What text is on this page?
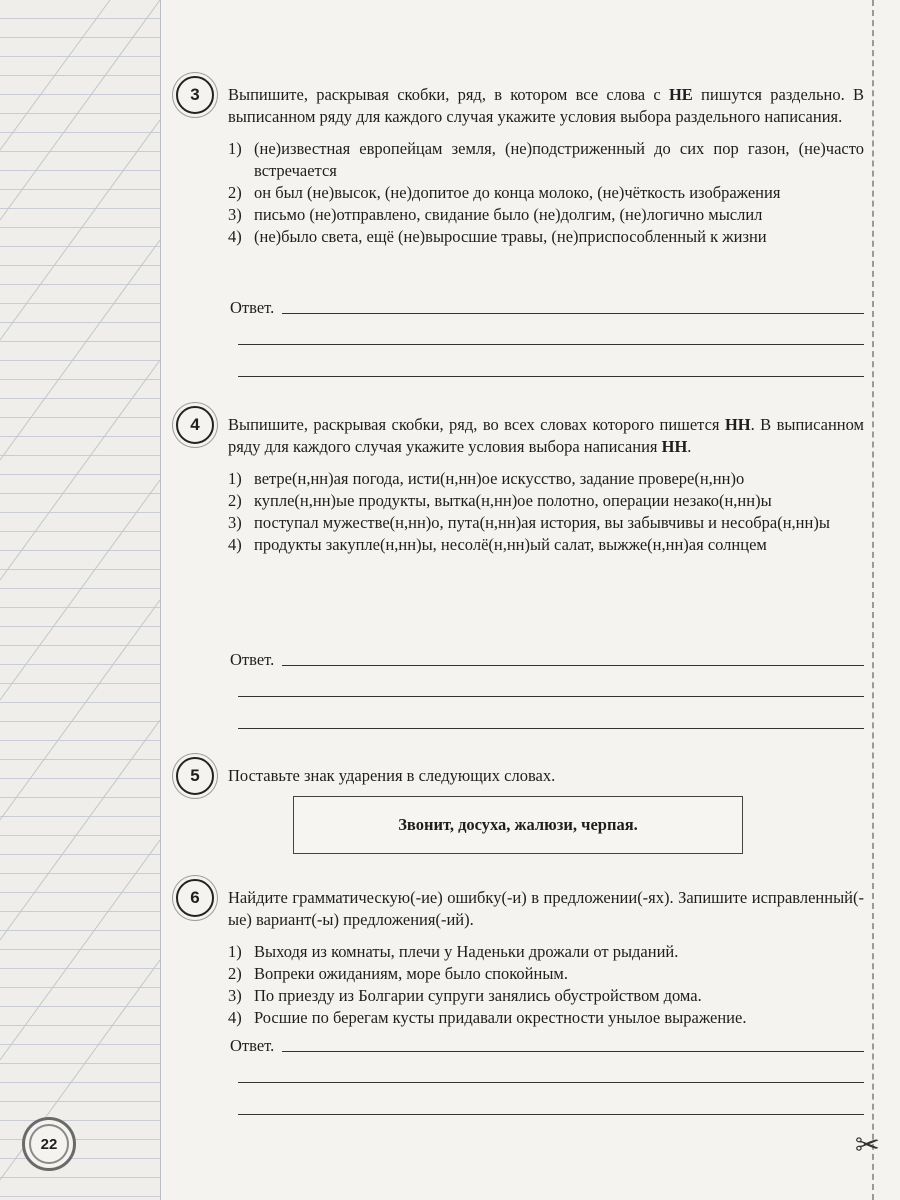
✂
3	Выпишите, раскрывая скобки, ряд, в котором все слова с НЕ пишутся раздельно. В выписанном ряду для каждого случая укажите условия выбора раздельного написания.
1) (не)известная европейцам земля, (не)подстриженный до сих пор газон, (не)часто встречается
2) он был (не)высок, (не)допитое до конца молоко, (не)чёткость изображения
3) письмо (не)отправлено, свидание было (не)долгим, (не)логично мыслил
4) (не)было света, ещё (не)выросшие травы, (не)приспособленный к жизни
Ответ.
4	Выпишите, раскрывая скобки, ряд, во всех словах которого пишется НН. В выписанном ряду для каждого случая укажите условия выбора написания НН.
1) ветре(н,нн)ая погода, исти(н,нн)ое искусство, задание провере(н,нн)о
2) купле(н,нн)ые продукты, вытка(н,нн)ое полотно, операции незако(н,нн)ы
3) поступал мужестве(н,нн)о, пута(н,нн)ая история, вы забывчивы и несобра(н,нн)ы
4) продукты закупле(н,нн)ы, несолё(н,нн)ый салат, выжже(н,нн)ая солнцем
Ответ.
5	Поставьте знак ударения в следующих словах.
Звонит, досуха, жалюзи, черпая.
6	Найдите грамматическую(-ие) ошибку(-и) в предложении(-ях). Запишите исправленный(-ые) вариант(-ы) предложения(-ий).
1) Выходя из комнаты, плечи у Наденьки дрожали от рыданий.
2) Вопреки ожиданиям, море было спокойным.
3) По приезду из Болгарии супруги занялись обустройством дома.
4) Росшие по берегам кусты придавали окрестности унылое выражение.
Ответ.
22
